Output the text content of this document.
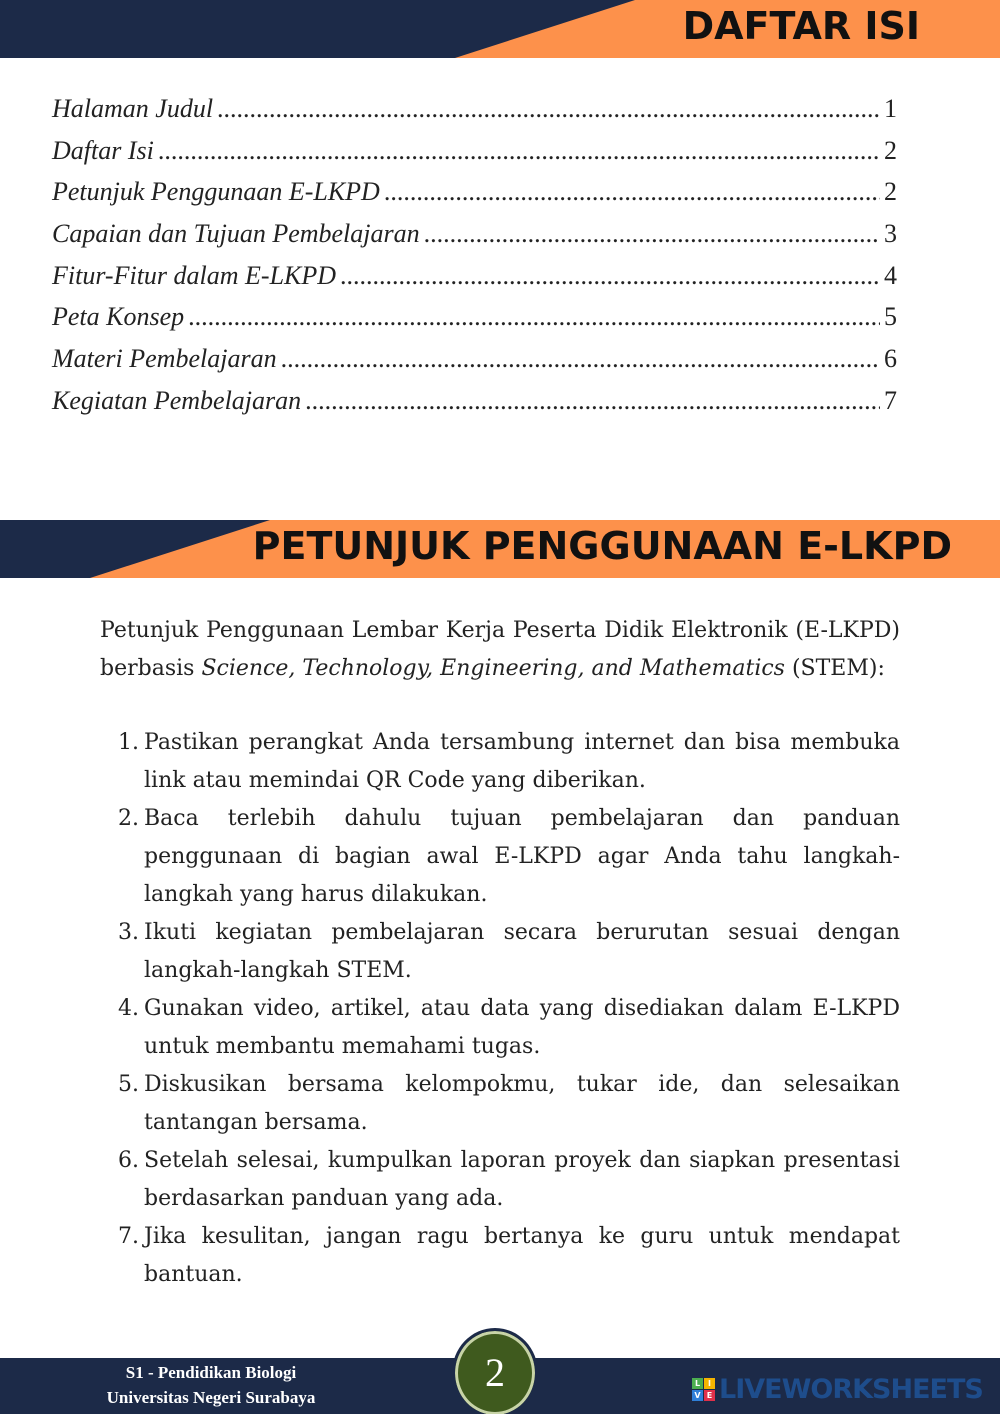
DAFTAR ISI
Halaman Judul .....	1
Daftar Isi .....	2
Petunjuk Penggunaan E-LKPD .....	2
Capaian dan Tujuan Pembelajaran .....	3
Fitur-Fitur dalam E-LKPD .....	4
Peta Konsep .....	5
Materi Pembelajaran .....	6
Kegiatan Pembelajaran .....	7
PETUNJUK PENGGUNAAN E-LKPD
Petunjuk Penggunaan Lembar Kerja Peserta Didik Elektronik (E-LKPD) berbasis Science, Technology, Engineering, and Mathematics (STEM):
1. Pastikan perangkat Anda tersambung internet dan bisa membuka link atau memindai QR Code yang diberikan.
2. Baca terlebih dahulu tujuan pembelajaran dan panduan penggunaan di bagian awal E-LKPD agar Anda tahu langkah-langkah yang harus dilakukan.
3. Ikuti kegiatan pembelajaran secara berurutan sesuai dengan langkah-langkah STEM.
4. Gunakan video, artikel, atau data yang disediakan dalam E-LKPD untuk membantu memahami tugas.
5. Diskusikan bersama kelompokmu, tukar ide, dan selesaikan tantangan bersama.
6. Setelah selesai, kumpulkan laporan proyek dan siapkan presentasi berdasarkan panduan yang ada.
7. Jika kesulitan, jangan ragu bertanya ke guru untuk mendapat bantuan.
S1 - Pendidikan Biologi
Universitas Negeri Surabaya
2	L I
V E LIVEWORKSHEETS
